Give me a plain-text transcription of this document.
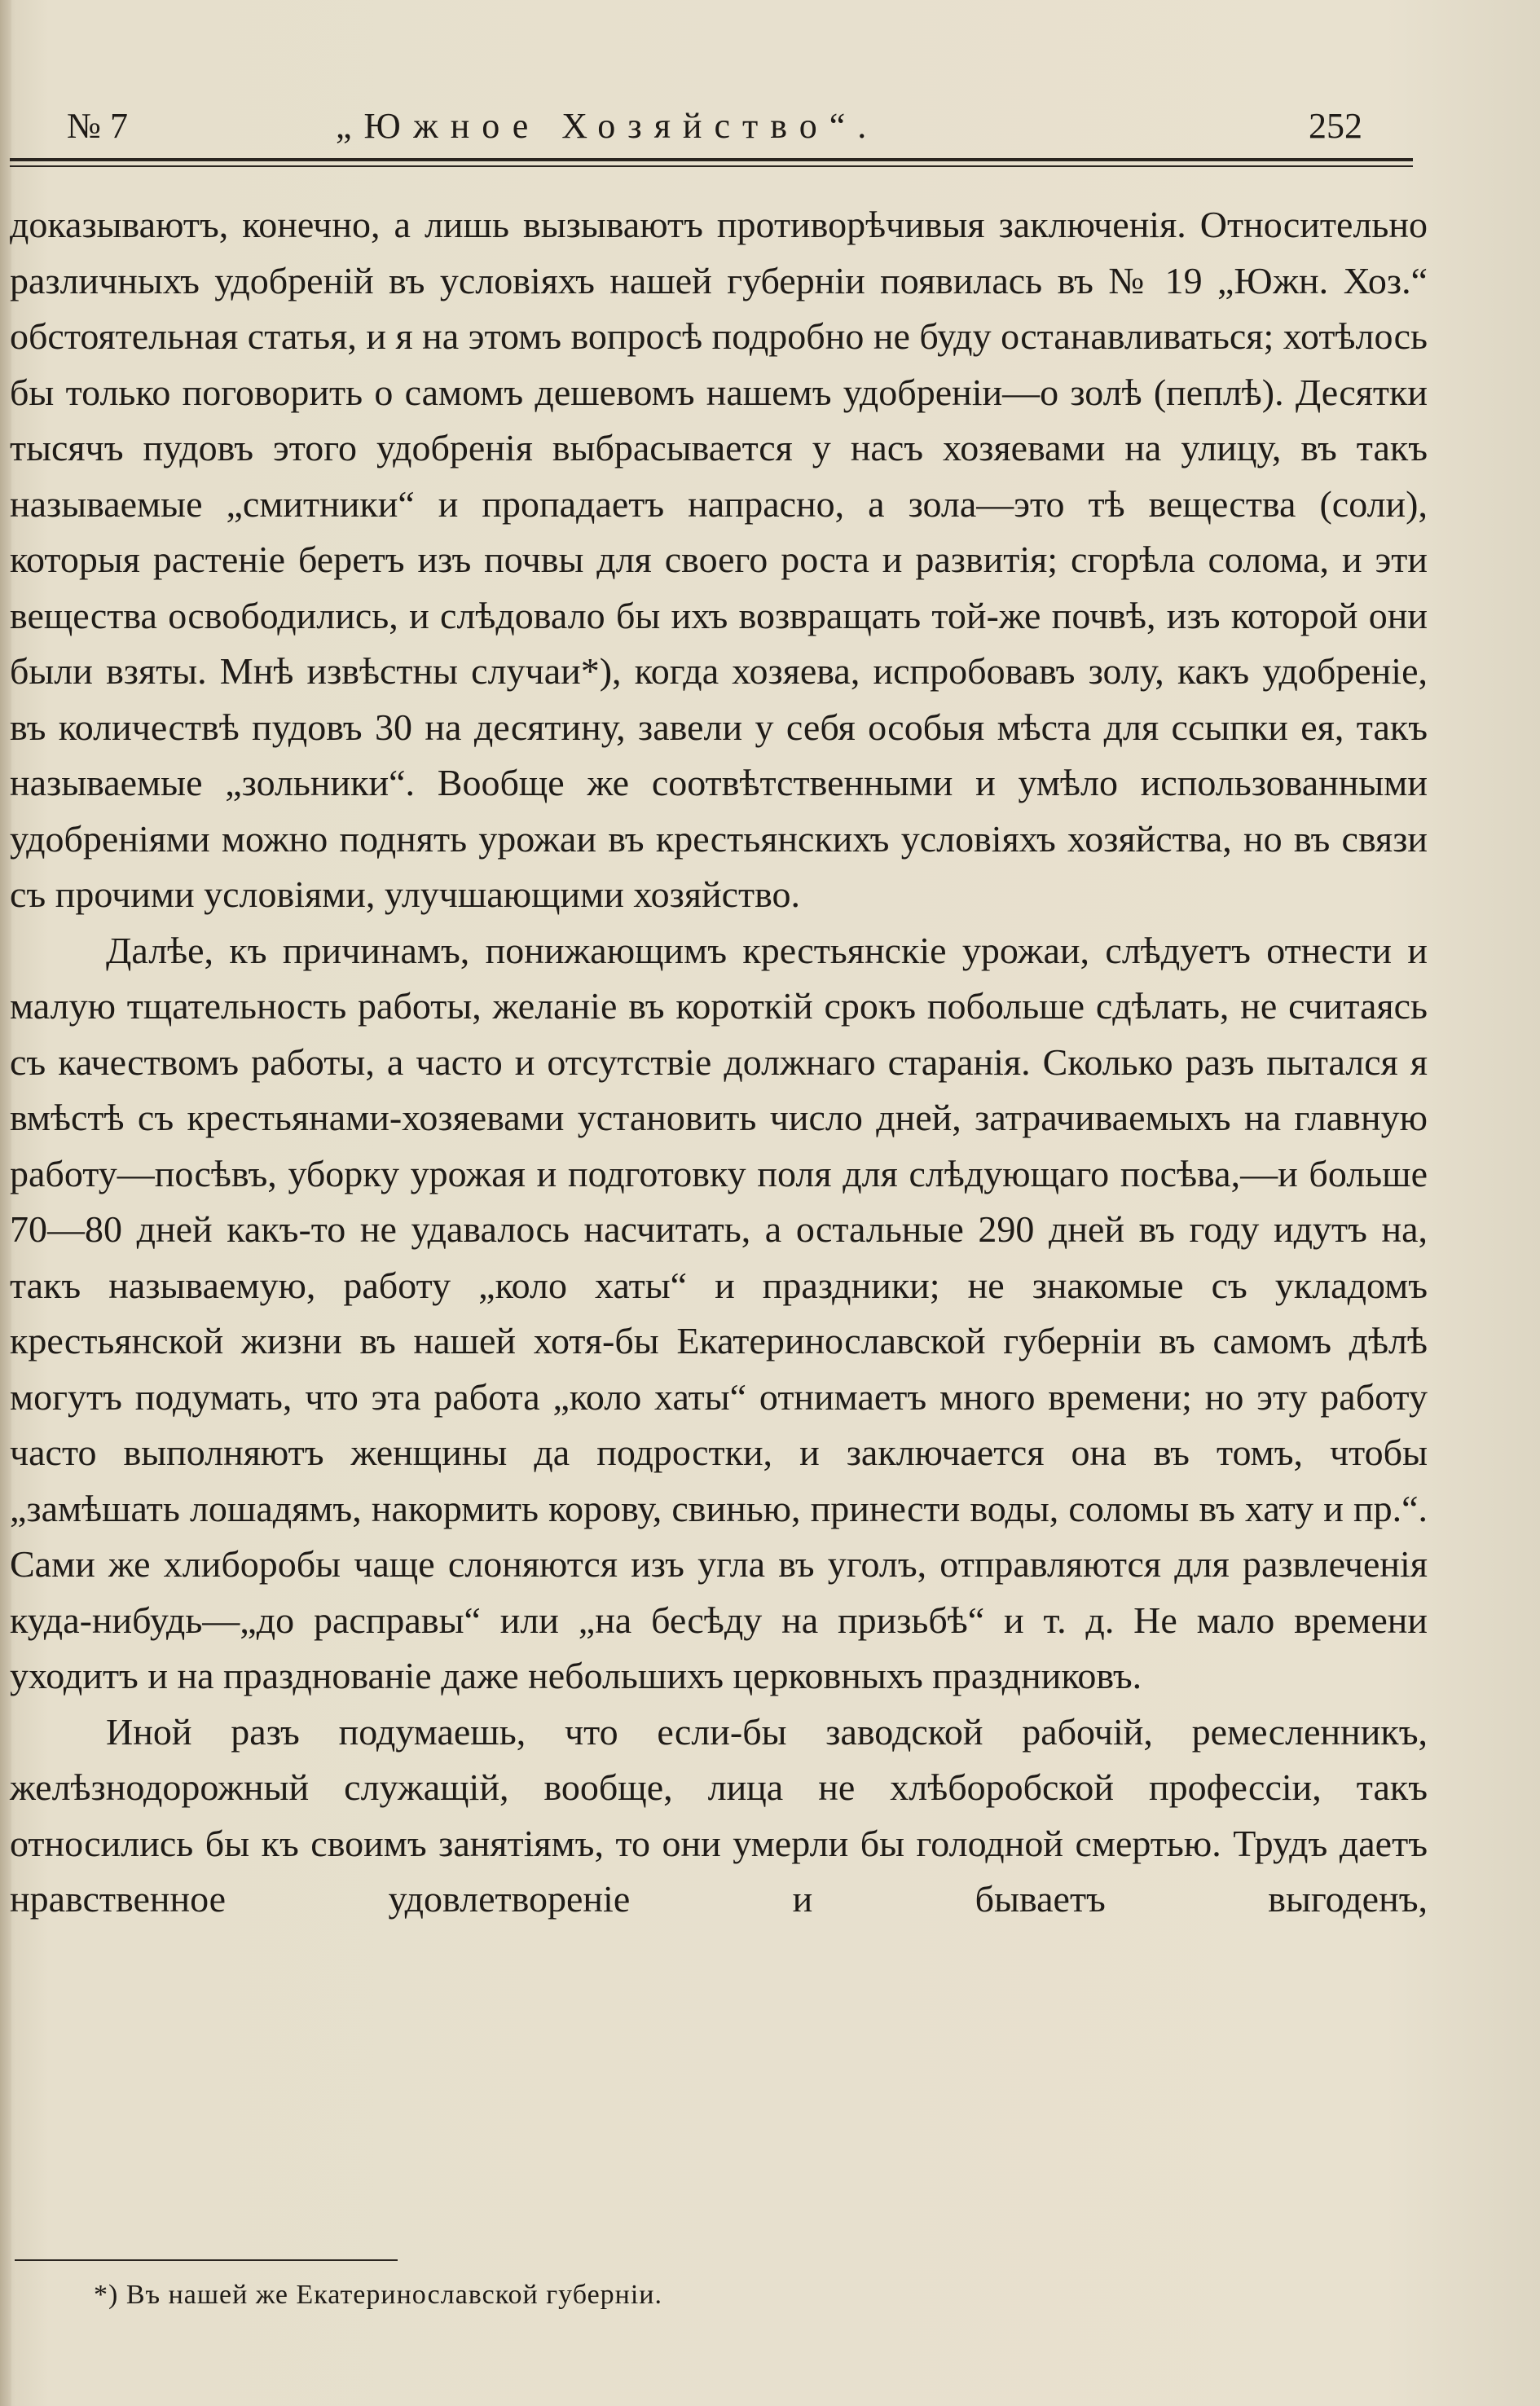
№ 7	„Южное Хозяйство“.	252

доказываютъ, конечно, а лишь вызываютъ противорѣчивыя заключенія. Относительно различныхъ удобреній въ условіяхъ нашей губерніи появилась въ № 19 „Южн. Хоз.“ обстоятельная статья, и я на этомъ вопросѣ подробно не буду останавливаться; хотѣлось бы только поговорить о самомъ дешевомъ нашемъ удобреніи—о золѣ (пеплѣ). Десятки тысячъ пудовъ этого удобренія выбрасывается у насъ хозяевами на улицу, въ такъ называемые „смитники“ и пропадаетъ напрасно, а зола—это тѣ вещества (соли), которыя растеніе беретъ изъ почвы для своего роста и развитія; сгорѣла солома, и эти вещества освободились, и слѣдовало бы ихъ возвращать той-же почвѣ, изъ которой они были взяты. Мнѣ извѣстны случаи*), когда хозяева, испробовавъ золу, какъ удобреніе, въ количествѣ пудовъ 30 на десятину, завели у себя особыя мѣста для ссыпки ея, такъ называемые „зольники“. Вообще же соотвѣтственными и умѣло использованными удобреніями можно поднять урожаи въ крестьянскихъ условіяхъ хозяйства, но въ связи съ прочими условіями, улучшающими хозяйство.

Далѣе, къ причинамъ, понижающимъ крестьянскіе урожаи, слѣдуетъ отнести и малую тщательность работы, желаніе въ короткій срокъ побольше сдѣлать, не считаясь съ качествомъ работы, а часто и отсутствіе должнаго старанія. Сколько разъ пытался я вмѣстѣ съ крестьянами-хозяевами установить число дней, затрачиваемыхъ на главную работу—посѣвъ, уборку урожая и подготовку поля для слѣдующаго посѣва,—и больше 70—80 дней какъ-то не удавалось насчитать, а остальные 290 дней въ году идутъ на, такъ называемую, работу „коло хаты“ и праздники; не знакомые съ укладомъ крестьянской жизни въ нашей хотя-бы Екатеринославской губерніи въ самомъ дѣлѣ могутъ подумать, что эта работа „коло хаты“ отнимаетъ много времени; но эту работу часто выполняютъ женщины да подростки, и заключается она въ томъ, чтобы „замѣшать лошадямъ, накормить корову, свинью, принести воды, соломы въ хату и пр.“. Сами же хлиборобы чаще слоняются изъ угла въ уголъ, отправляются для развлеченія куда-нибудь—„до расправы“ или „на бесѣду на призьбѣ“ и т. д. Не мало времени уходитъ и на празднованіе даже небольшихъ церковныхъ праздниковъ.

Иной разъ подумаешь, что если-бы заводской рабочій, ремесленникъ, желѣзнодорожный служащій, вообще, лица не хлѣборобской профессіи, такъ относились бы къ своимъ занятіямъ, то они умерли бы голодной смертью. Трудъ даетъ нравственное удовлетвореніе и бываетъ выгоденъ,

*) Въ нашей же Екатеринославской губерніи.
